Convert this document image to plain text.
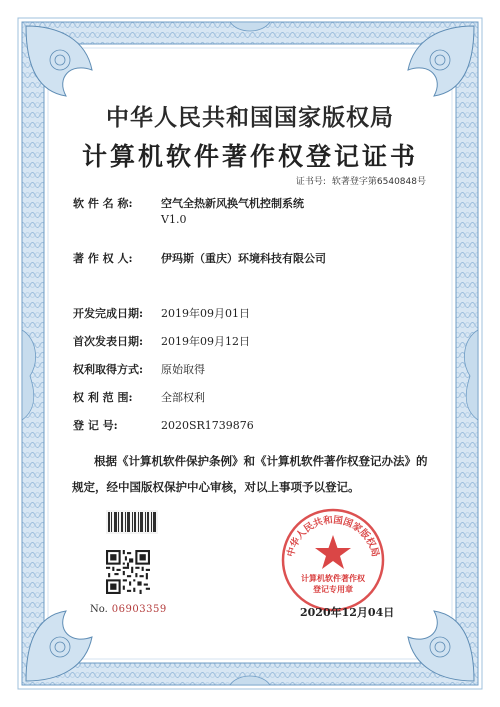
中华人民共和国国家版权局
计算机软件著作权登记证书
证书号: 软著登字第6540848号
软 件 名 称:	空气全热新风换气机控制系统
V1.0
著 作 权 人:	伊玛斯（重庆）环境科技有限公司
开发完成日期: 2019年09月01日
首次发表日期: 2019年09月12日
权利取得方式: 原始取得
权 利 范 围:	全部权利
登 记 号:	2020SR1739876
根据《计算机软件保护条例》和《计算机软件著作权登记办法》的
规定，经中国版权保护中心审核，对以上事项予以登记。
No. 06903359
中华人民共和国国家版权局
计算机软件著作权
登记专用章
2020年12月04日
